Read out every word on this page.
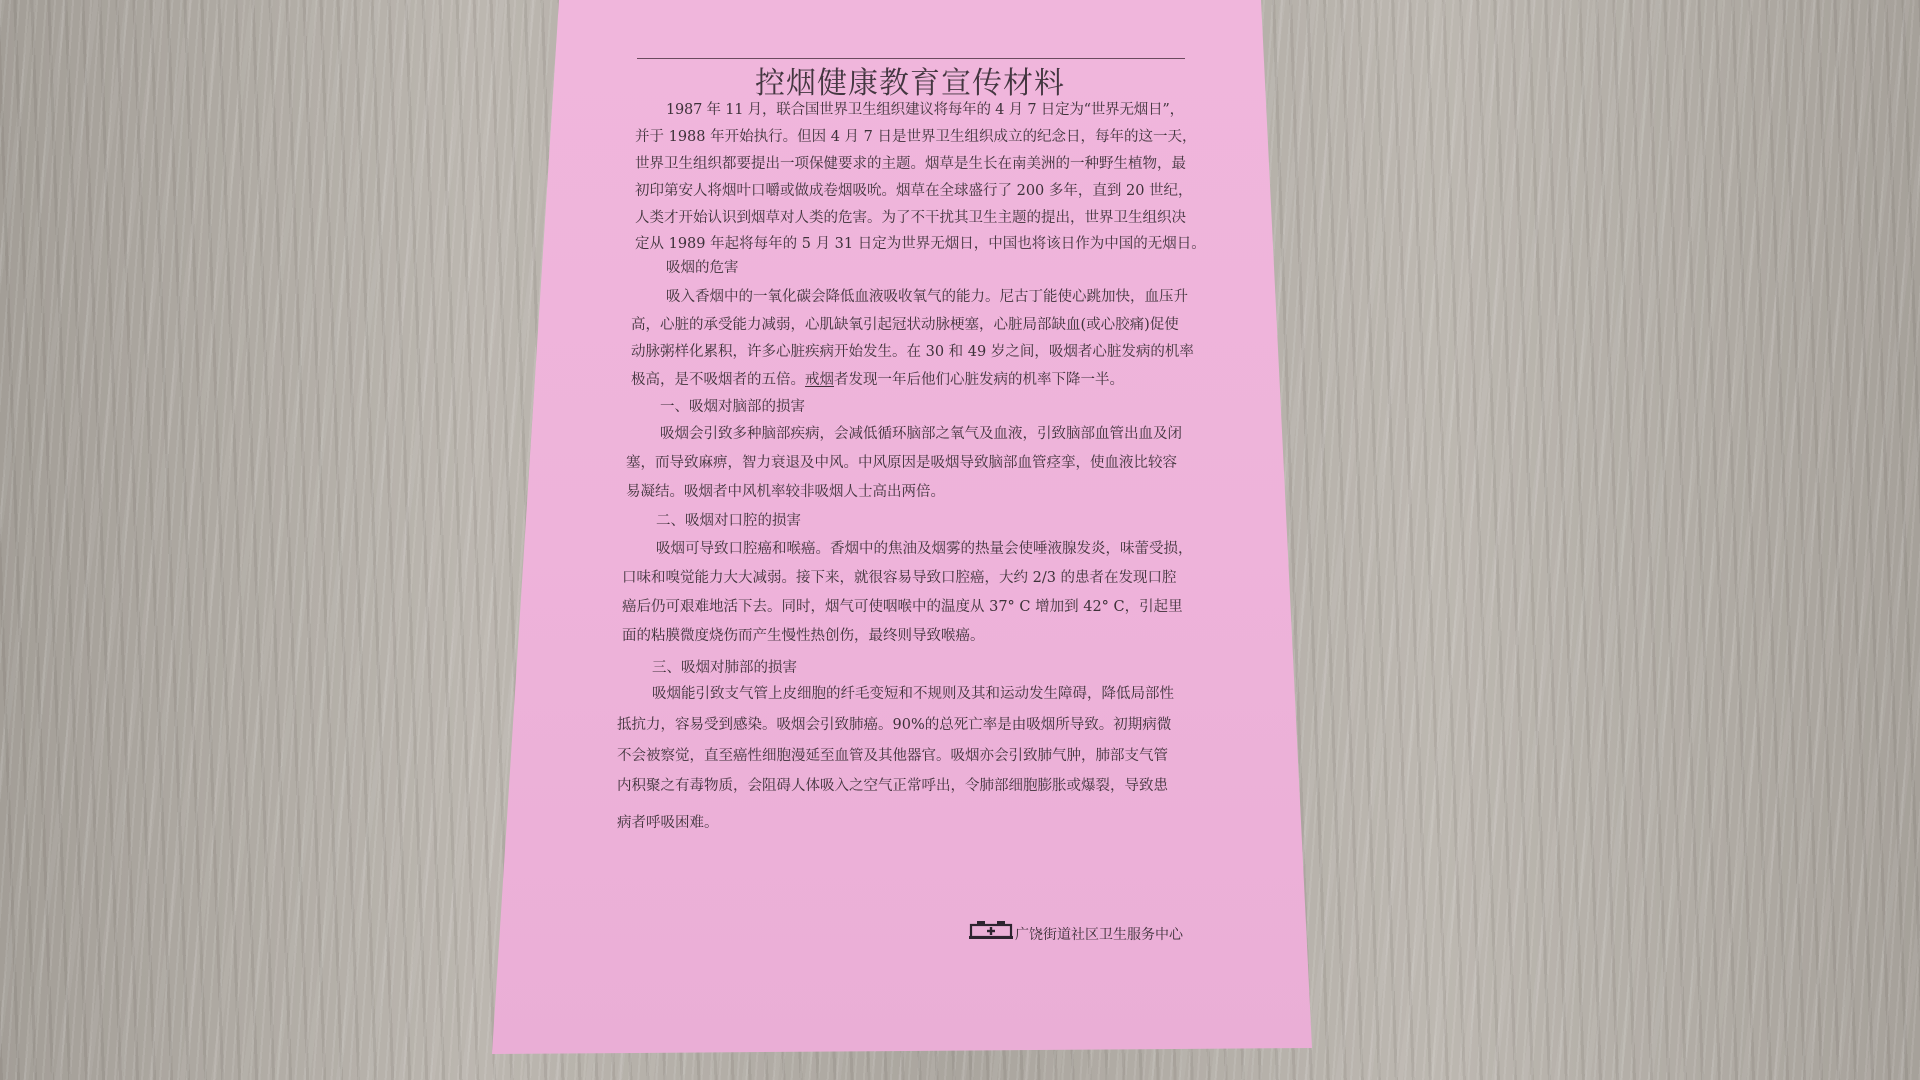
控烟健康教育宣传材料
1987 年 11 月，联合国世界卫生组织建议将每年的 4 月 7 日定为“世界无烟日”，
并于 1988 年开始执行。但因 4 月 7 日是世界卫生组织成立的纪念日，每年的这一天，
世界卫生组织都要提出一项保健要求的主题。烟草是生长在南美洲的一种野生植物，最
初印第安人将烟叶口嚼或做成卷烟吸吮。烟草在全球盛行了 200 多年，直到 20 世纪，
人类才开始认识到烟草对人类的危害。为了不干扰其卫生主题的提出，世界卫生组织决
定从 1989 年起将每年的 5 月 31 日定为世界无烟日，中国也将该日作为中国的无烟日。
吸烟的危害
吸入香烟中的一氧化碳会降低血液吸收氧气的能力。尼古丁能使心跳加快，血压升
高，心脏的承受能力减弱，心肌缺氧引起冠状动脉梗塞，心脏局部缺血(或心胶痛)促使
动脉粥样化累积，许多心脏疾病开始发生。在 30 和 49 岁之间，吸烟者心脏发病的机率
极高，是不吸烟者的五倍。戒烟者发现一年后他们心脏发病的机率下降一半。
一、吸烟对脑部的损害
吸烟会引致多种脑部疾病，会减低循环脑部之氧气及血液，引致脑部血管出血及闭
塞，而导致麻痹，智力衰退及中风。中风原因是吸烟导致脑部血管痉挛，使血液比较容
易凝结。吸烟者中风机率较非吸烟人士高出两倍。
二、吸烟对口腔的损害
吸烟可导致口腔癌和喉癌。香烟中的焦油及烟雾的热量会使唾液腺发炎，味蕾受损，
口味和嗅觉能力大大减弱。接下来，就很容易导致口腔癌，大约 2/3 的患者在发现口腔
癌后仍可艰难地活下去。同时，烟气可使咽喉中的温度从 37° C 增加到 42° C，引起里
面的粘膜微度烧伤而产生慢性热创伤，最终则导致喉癌。
三、吸烟对肺部的损害
吸烟能引致支气管上皮细胞的纤毛变短和不规则及其和运动发生障碍，降低局部性
抵抗力，容易受到感染。吸烟会引致肺癌。90%的总死亡率是由吸烟所导致。初期病微
不会被察觉，直至癌性细胞漫延至血管及其他器官。吸烟亦会引致肺气肿，肺部支气管
内积聚之有毒物质，会阻碍人体吸入之空气正常呼出，令肺部细胞膨胀或爆裂，导致患
病者呼吸困难。
广饶街道社区卫生服务中心
